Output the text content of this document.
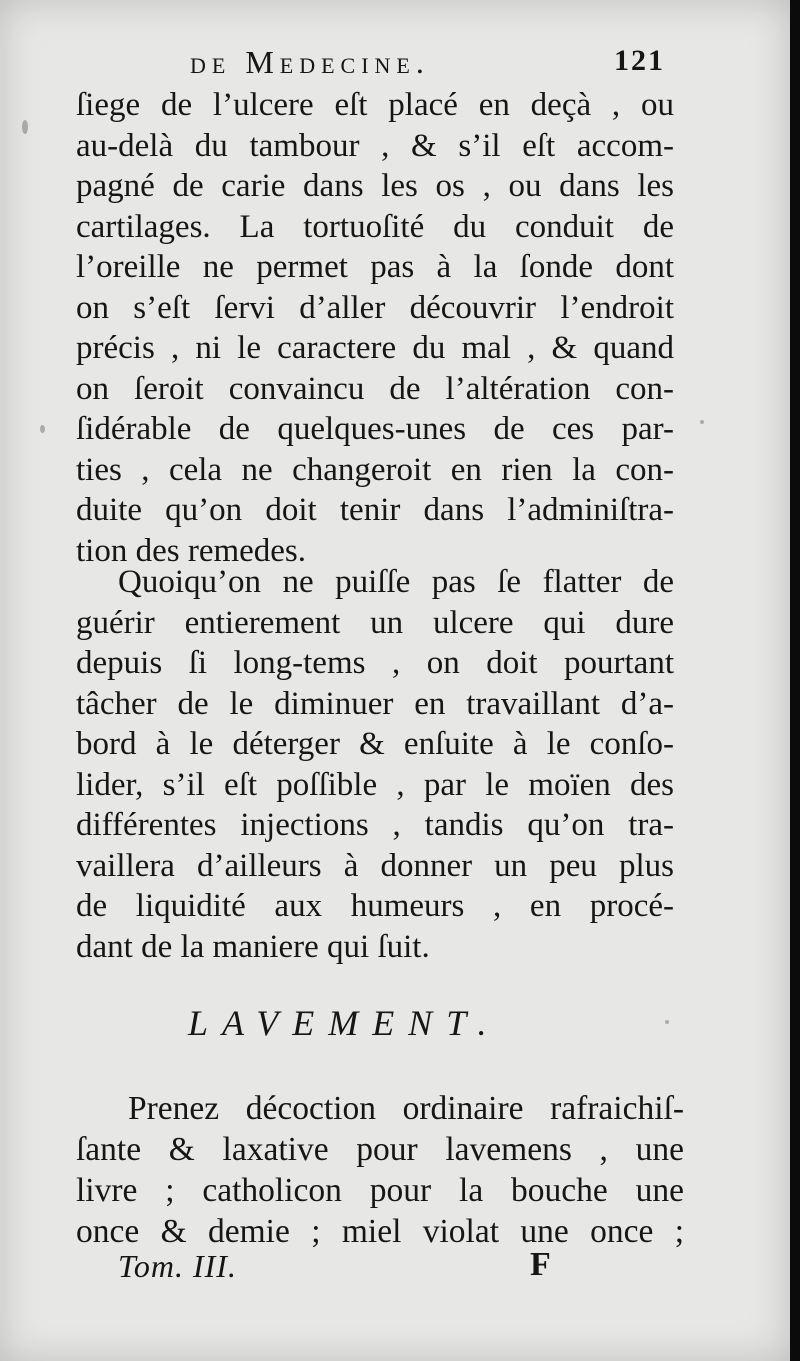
de Medecine.	121
ſiege de l’ulcere eſt placé en deçà , ou
au-delà du tambour , & s’il eſt accom-
pagné de carie dans les os , ou dans les
cartilages. La tortuoſité du conduit de
l’oreille ne permet pas à la ſonde dont
on s’eſt ſervi d’aller découvrir l’endroit
précis , ni le caractere du mal , & quand
on ſeroit convaincu de l’altération con-
ſidérable de quelques-unes de ces par-
ties , cela ne changeroit en rien la con-
duite qu’on doit tenir dans l’adminiſtra-
tion des remedes.
Quoiqu’on ne puiſſe pas ſe flatter de
guérir entierement un ulcere qui dure
depuis ſi long-tems , on doit pourtant
tâcher de le diminuer en travaillant d’a-
bord à le déterger & enſuite à le conſo-
lider, s’il eſt poſſible , par le moïen des
différentes injections , tandis qu’on tra-
vaillera d’ailleurs à donner un peu plus
de liquidité aux humeurs , en procé-
dant de la maniere qui ſuit.
LAVEMENT.
Prenez décoction ordinaire rafraichiſ-
ſante & laxative pour lavemens , une
livre ; catholicon pour la bouche une
once & demie ; miel violat une once ;
Tom. III.	F
